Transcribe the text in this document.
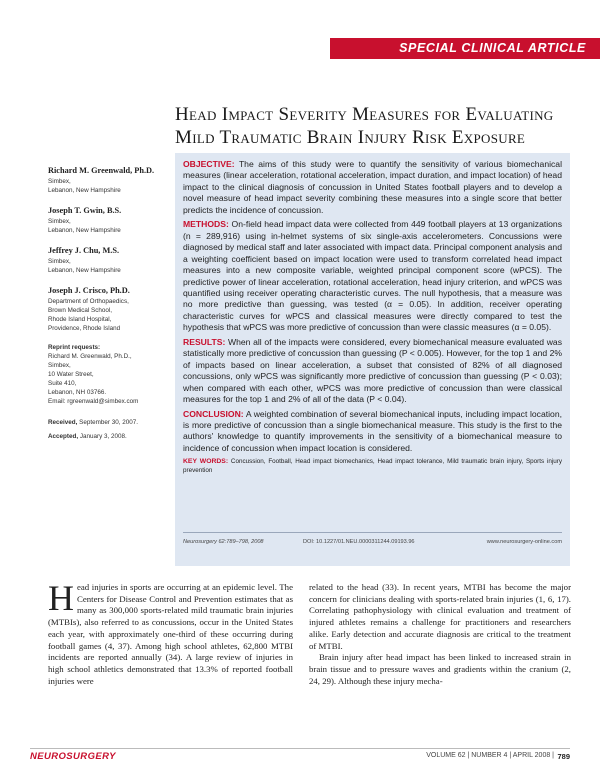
SPECIAL CLINICAL ARTICLE
Head Impact Severity Measures for Evaluating
Mild Traumatic Brain Injury Risk Exposure
Richard M. Greenwald, Ph.D.
Simbex,
Lebanon, New Hampshire
Joseph T. Gwin, B.S.
Simbex,
Lebanon, New Hampshire
Jeffrey J. Chu, M.S.
Simbex,
Lebanon, New Hampshire
Joseph J. Crisco, Ph.D.
Department of Orthopaedics,
Brown Medical School,
Rhode Island Hospital,
Providence, Rhode Island
Reprint requests:
Richard M. Greenwald, Ph.D.,
Simbex,
10 Water Street,
Suite 410,
Lebanon, NH 03766.
Email: rgreenwald@simbex.com
Received, September 30, 2007.
Accepted, January 3, 2008.

OBJECTIVE: The aims of this study were to quantify the sensitivity of various biomechanical measures (linear acceleration, rotational acceleration, impact duration, and impact location) of head impact to the clinical diagnosis of concussion in United States football players and to develop a novel measure of head impact severity combining these measures into a single score that better predicts the incidence of concussion.

METHODS: On-field head impact data were collected from 449 football players at 13 organizations (n = 289,916) using in-helmet systems of six single-axis accelerometers. Concussions were diagnosed by medical staff and later associated with impact data. Principal component analysis and a weighting coefficient based on impact location were used to transform correlated head impact measures into a new composite variable, weighted principal component score (wPCS). The predictive power of linear acceleration, rotational acceleration, head injury criterion, and wPCS was quantified using receiver operating characteristic curves. The null hypothesis, that a measure was no more predictive than guessing, was tested (α = 0.05). In addition, receiver operating characteristic curves for wPCS and classical measures were directly compared to test the hypothesis that wPCS was more predictive of concussion than were classic measures (α = 0.05).

RESULTS: When all of the impacts were considered, every biomechanical measure evaluated was statistically more predictive of concussion than guessing (P < 0.005). However, for the top 1 and 2% of impacts based on linear acceleration, a subset that consisted of 82% of all diagnosed concussions, only wPCS was significantly more predictive of concussion than guessing (P < 0.03); when compared with each other, wPCS was more predictive of concussion than were classical measures for the top 1 and 2% of all of the data (P < 0.04).

CONCLUSION: A weighted combination of several biomechanical inputs, including impact location, is more predictive of concussion than a single biomechanical measure. This study is the first to the authors' knowledge to quantify improvements in the sensitivity of a biomechanical measure to incidence of concussion when impact location is considered.

KEY WORDS: Concussion, Football, Head impact biomechanics, Head impact tolerance, Mild traumatic brain injury, Sports injury prevention

Neurosurgery 62:789–798, 2008	DOI: 10.1227/01.NEU.0000311244.09193.96	www.neurosurgery-online.com

Head injuries in sports are occurring at an epidemic level. The Centers for Disease Control and Prevention estimates that as many as 300,000 sports-related mild traumatic brain injuries (MTBIs), also referred to as concussions, occur in the United States each year, with approximately one-third of these occurring during football games (4, 37). Among high school athletes, 62,800 MTBI incidents are reported annually (34). A large review of injuries in high school athletics demonstrated that 13.3% of reported football injuries were

related to the head (33). In recent years, MTBI has become the major concern for clinicians dealing with sports-related brain injuries (1, 6, 17). Correlating pathophysiology with clinical evaluation and treatment of injured athletes remains a challenge for practitioners and researchers alike. Early detection and accurate diagnosis are critical to the treatment of MTBI.

Brain injury after head impact has been linked to increased strain in brain tissue and to pressure waves and gradients within the cranium (2, 24, 29). Although these injury mecha-

NEUROSURGERY	VOLUME 62 | NUMBER 4 | APRIL 2008 | 789
